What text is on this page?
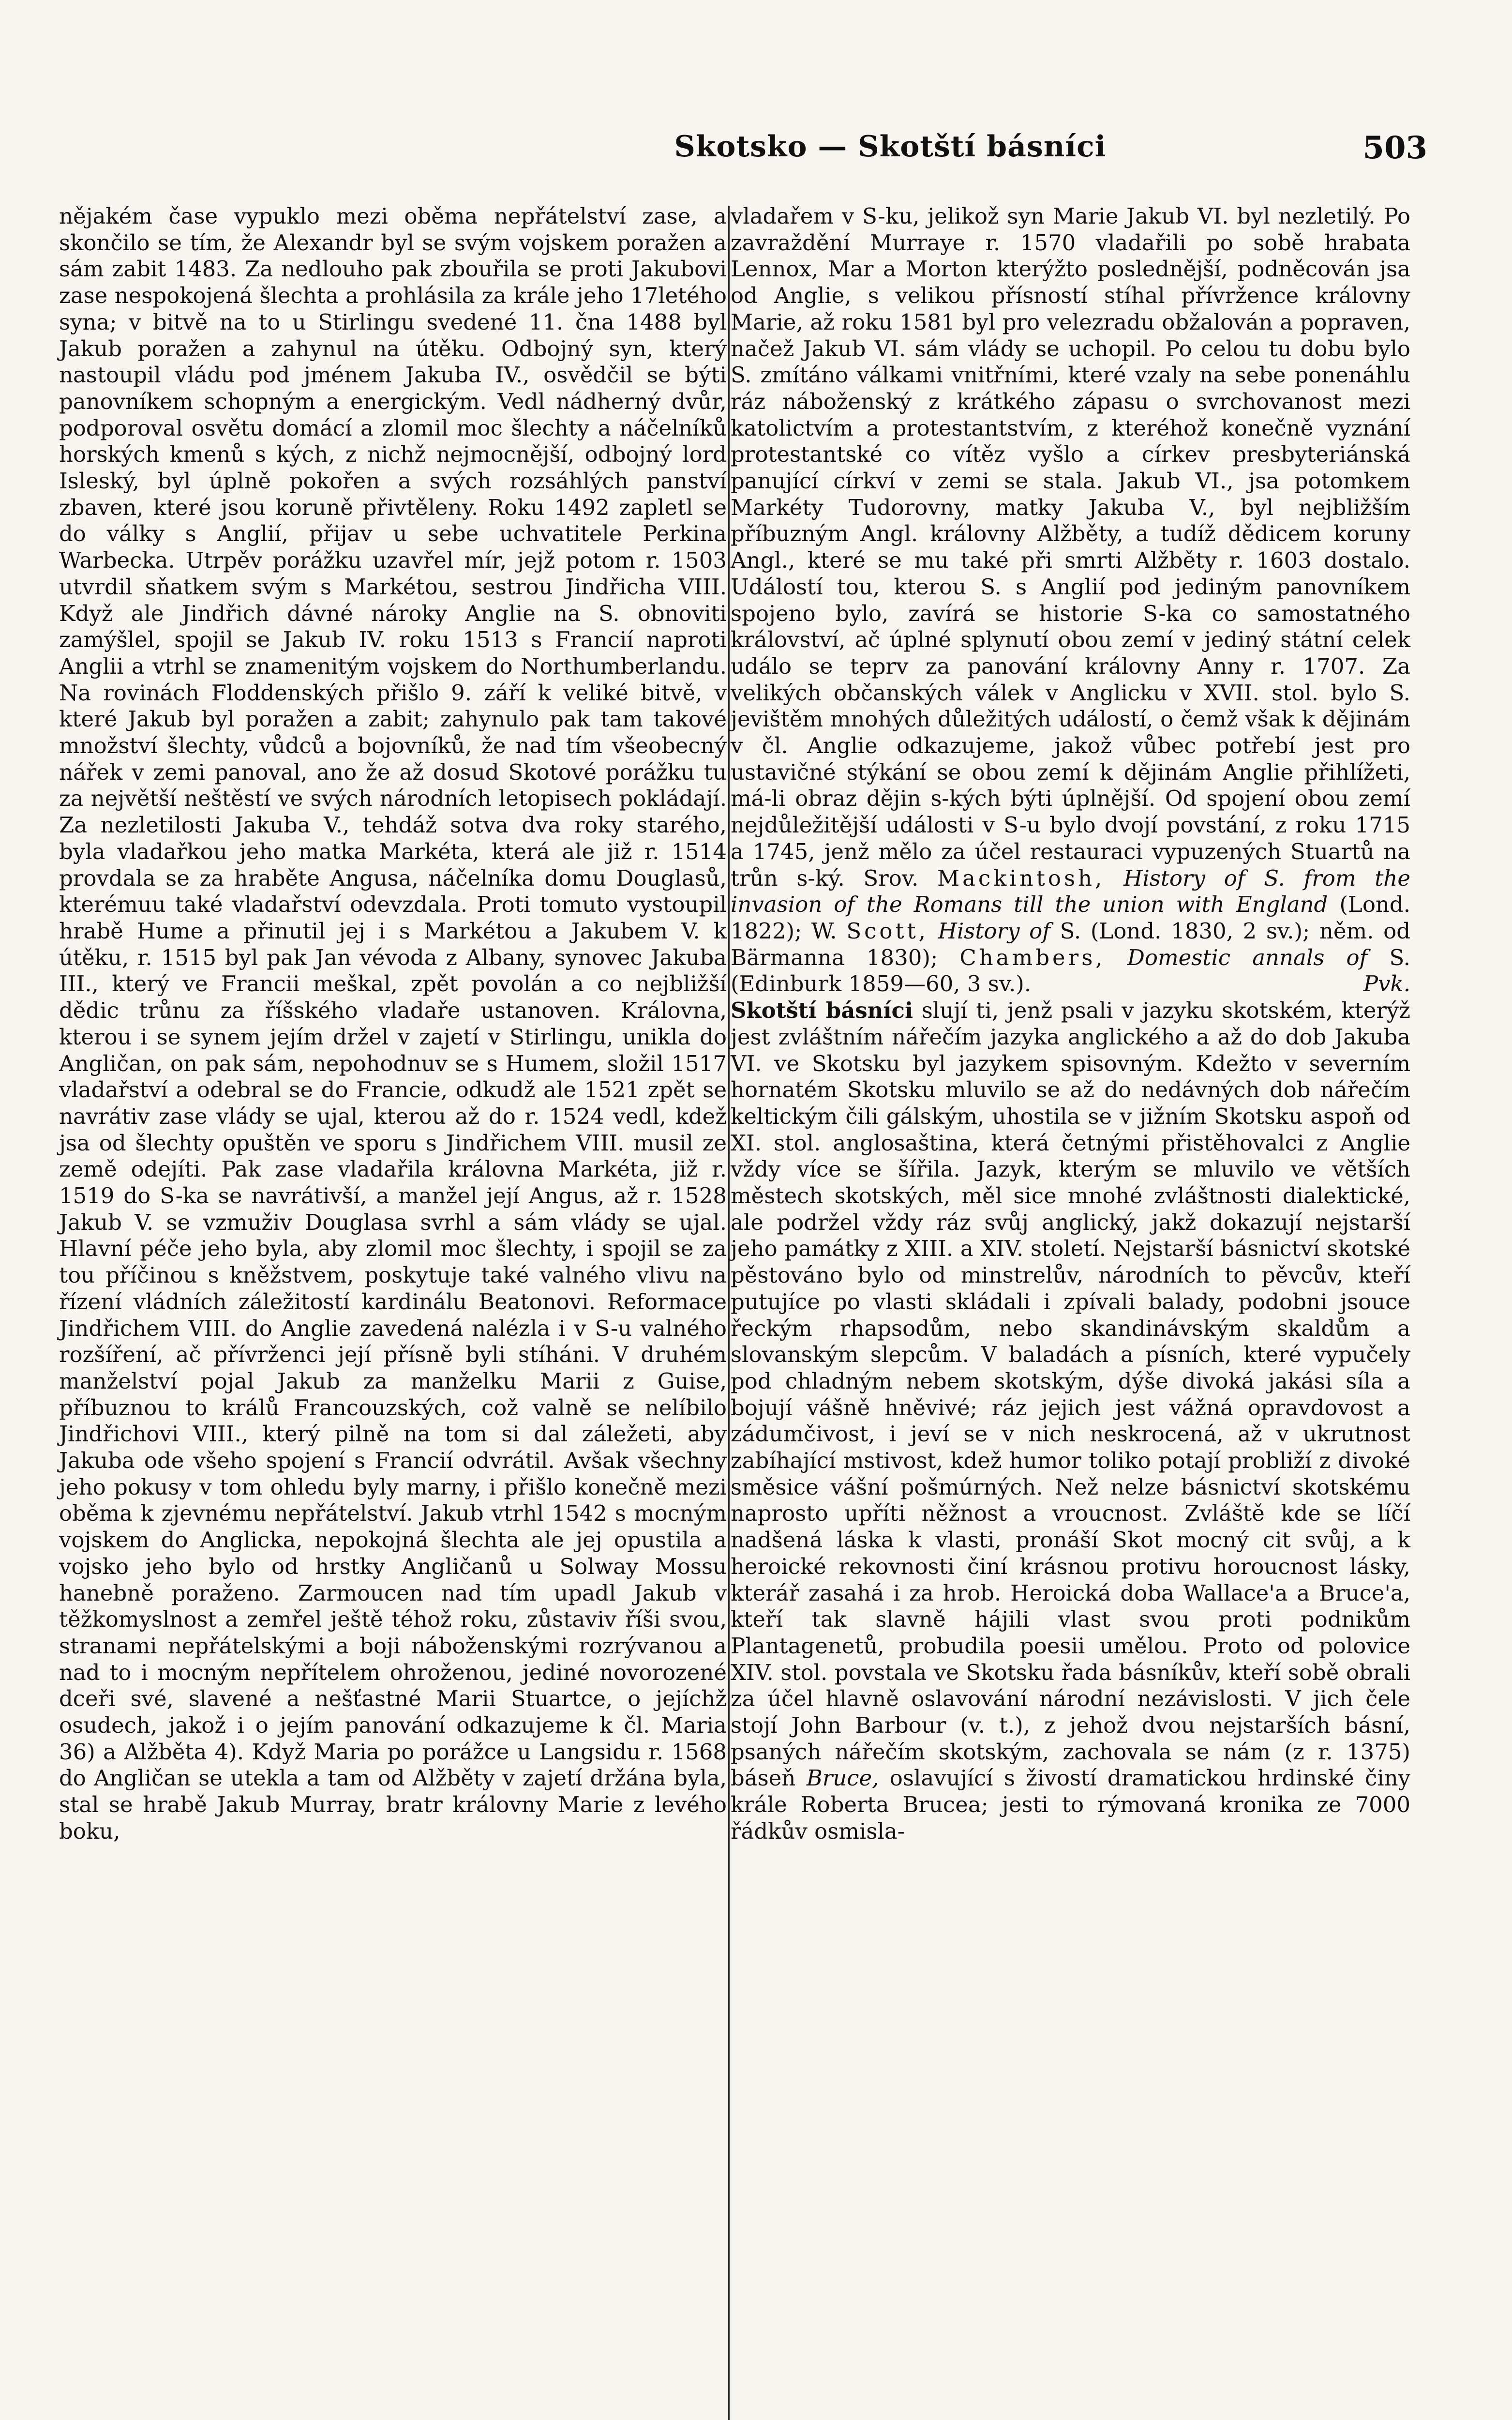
Skotsko — Skotští básníci	503

nějakém čase vypuklo mezi oběma nepřátelství zase, a skončilo se tím, že Alexandr byl se svým vojskem poražen a sám zabit 1483. Za nedlouho pak zbouřila se proti Jakubovi zase nespokojená šlechta a prohlásila za krále jeho 17letého syna; v bitvě na to u Stirlingu svedené 11. čna 1488 byl Jakub poražen a zahynul na útěku. Odbojný syn, který nastoupil vládu pod jménem Jakuba IV., osvědčil se býti panovníkem schopným a energickým. Vedl nádherný dvůr, podporoval osvětu domácí a zlomil moc šlechty a náčelníků horských kmenů s kých, z nichž nejmocnější, odbojný lord Isleský, byl úplně pokořen a svých rozsáhlých panství zbaven, které jsou koruně přivtěleny. Roku 1492 zapletl se do války s Anglií, přijav u sebe uchvatitele Perkina Warbecka. Utrpěv porážku uzavřel mír, jejž potom r. 1503 utvrdil sňatkem svým s Markétou, sestrou Jindřicha VIII. Když ale Jindřich dávné nároky Anglie na S. obnoviti zamýšlel, spojil se Jakub IV. roku 1513 s Francií naproti Anglii a vtrhl se znamenitým vojskem do Northumberlandu. Na rovinách Floddenských přišlo 9. září k veliké bitvě, v které Jakub byl poražen a zabit; zahynulo pak tam takové množství šlechty, vůdců a bojovníků, že nad tím všeobecný nářek v zemi panoval, ano že až dosud Skotové porážku tu za největší neštěstí ve svých národních letopisech pokládají. Za nezletilosti Jakuba V., tehdáž sotva dva roky starého, byla vladařkou jeho matka Markéta, která ale již r. 1514 provdala se za hraběte Angusa, náčelníka domu Douglasů, kterémuu také vladařství odevzdala. Proti tomuto vystoupil hrabě Hume a přinutil jej i s Markétou a Jakubem V. k útěku, r. 1515 byl pak Jan vévoda z Albany, synovec Jakuba III., který ve Francii meškal, zpět povolán a co nejbližší dědic trůnu za říšského vladaře ustanoven. Královna, kterou i se synem jejím držel v zajetí v Stirlingu, unikla do Angličan, on pak sám, nepohodnuv se s Humem, složil 1517 vladařství a odebral se do Francie, odkudž ale 1521 zpět se navrátiv zase vlády se ujal, kterou až do r. 1524 vedl, kdež jsa od šlechty opuštěn ve sporu s Jindřichem VIII. musil ze země odejíti. Pak zase vladařila královna Markéta, již r. 1519 do S-ka se navrátivší, a manžel její Angus, až r. 1528 Jakub V. se vzmuživ Douglasa svrhl a sám vlády se ujal. Hlavní péče jeho byla, aby zlomil moc šlechty, i spojil se za tou příčinou s kněžstvem, poskytuje také valného vlivu na řízení vládních záležitostí kardinálu Beatonovi. Reformace Jindřichem VIII. do Anglie zavedená nalézla i v S-u valného rozšíření, ač přívrženci její přísně byli stíháni. V druhém manželství pojal Jakub za manželku Marii z Guise, příbuznou to králů Francouzských, což valně se nelíbilo Jindřichovi VIII., který pilně na tom si dal záležeti, aby Jakuba ode všeho spojení s Francií odvrátil. Avšak všechny jeho pokusy v tom ohledu byly marny, i přišlo konečně mezi oběma k zjevnému nepřátelství. Jakub vtrhl 1542 s mocným vojskem do Anglicka, nepokojná šlechta ale jej opustila a vojsko jeho bylo od hrstky Angličanů u Solway Mossu hanebně poraženo. Zarmoucen nad tím upadl Jakub v těžkomyslnost a zemřel ještě téhož roku, zůstaviv říši svou, stranami nepřátelskými a boji náboženskými rozrývanou a nad to i mocným nepřítelem ohroženou, jediné novorozené dceři své, slavené a nešťastné Marii Stuartce, o jejíchž osudech, jakož i o jejím panování odkazujeme k čl. Maria 36) a Alžběta 4). Když Maria po porážce u Langsidu r. 1568 do Angličan se utekla a tam od Alžběty v zajetí držána byla, stal se hrabě Jakub Murray, bratr královny Marie z levého boku,

vladařem v S-ku, jelikož syn Marie Jakub VI. byl nezletilý. Po zavraždění Murraye r. 1570 vladařili po sobě hrabata Lennox, Mar a Morton kterýžto poslednější, podněcován jsa od Anglie, s velikou přísností stíhal přívržence královny Marie, až roku 1581 byl pro velezradu obžalován a popraven, načež Jakub VI. sám vlády se uchopil. Po celou tu dobu bylo S. zmítáno válkami vnitřními, které vzaly na sebe ponenáhlu ráz náboženský z krátkého zápasu o svrchovanost mezi katolictvím a protestantstvím, z kteréhož konečně vyznání protestantské co vítěz vyšlo a církev presbyteriánská panující církví v zemi se stala. Jakub VI., jsa potomkem Markéty Tudorovny, matky Jakuba V., byl nejbližším příbuzným Angl. královny Alžběty, a tudíž dědicem koruny Angl., které se mu také při smrti Alžběty r. 1603 dostalo. Událostí tou, kterou S. s Anglií pod jediným panovníkem spojeno bylo, zavírá se historie S-ka co samostatného království, ač úplné splynutí obou zemí v jediný státní celek událo se teprv za panování královny Anny r. 1707. Za velikých občanských válek v Anglicku v XVII. stol. bylo S. jevištěm mnohých důležitých událostí, o čemž však k dějinám v čl. Anglie odkazujeme, jakož vůbec potřebí jest pro ustavičné stýkání se obou zemí k dějinám Anglie přihlížeti, má-li obraz dějin s-kých býti úplnější. Od spojení obou zemí nejdůležitější události v S-u bylo dvojí povstání, z roku 1715 a 1745, jenž mělo za účel restauraci vypuzených Stuartů na trůn s-ký. Srov. Mackintosh, History of S. from the invasion of the Romans till the union with England (Lond. 1822); W. Scott, History of S. (Lond. 1830, 2 sv.); něm. od Bärmanna 1830); Chambers, Domestic annals of S. (Edinburk 1859—60, 3 sv.).	Pvk.

Skotští básníci slují ti, jenž psali v jazyku skotském, kterýž jest zvláštním nářečím jazyka anglického a až do dob Jakuba VI. ve Skotsku byl jazykem spisovným. Kdežto v severním hornatém Skotsku mluvilo se až do nedávných dob nářečím keltickým čili gálským, uhostila se v jižním Skotsku aspoň od XI. stol. anglosaština, která četnými přistěhovalci z Anglie vždy více se šířila. Jazyk, kterým se mluvilo ve větších městech skotských, měl sice mnohé zvláštnosti dialektické, ale podržel vždy ráz svůj anglický, jakž dokazují nejstarší jeho památky z XIII. a XIV. století. Nejstarší básnictví skotské pěstováno bylo od minstrelův, národních to pěvcův, kteří putujíce po vlasti skládali i zpívali balady, podobni jsouce řeckým rhapsodům, nebo skandinávským skaldům a slovanským slepcům. V baladách a písních, které vypučely pod chladným nebem skotským, dýše divoká jakási síla a bojují vášně hněvivé; ráz jejich jest vážná opravdovost a zádumčivost, i jeví se v nich neskrocená, až v ukrutnost zabíhající mstivost, kdež humor toliko potají probliží z divoké směsice vášní pošmúrných. Než nelze básnictví skotskému naprosto upříti něžnost a vroucnost. Zvláště kde se líčí nadšená láska k vlasti, pronáší Skot mocný cit svůj, a k heroické rekovnosti činí krásnou protivu horoucnost lásky, kterář zasahá i za hrob. Heroická doba Wallace'a a Bruce'a, kteří tak slavně hájili vlast svou proti podnikům Plantagenetů, probudila poesii umělou. Proto od polovice XIV. stol. povstala ve Skotsku řada básníkův, kteří sobě obrali za účel hlavně oslavování národní nezávislosti. V jich čele stojí John Barbour (v. t.), z jehož dvou nejstarších básní, psaných nářečím skotským, zachovala se nám (z r. 1375) báseň Bruce, oslavující s živostí dramatickou hrdinské činy krále Roberta Brucea; jesti to rýmovaná kronika ze 7000 řádkův osmisla-
